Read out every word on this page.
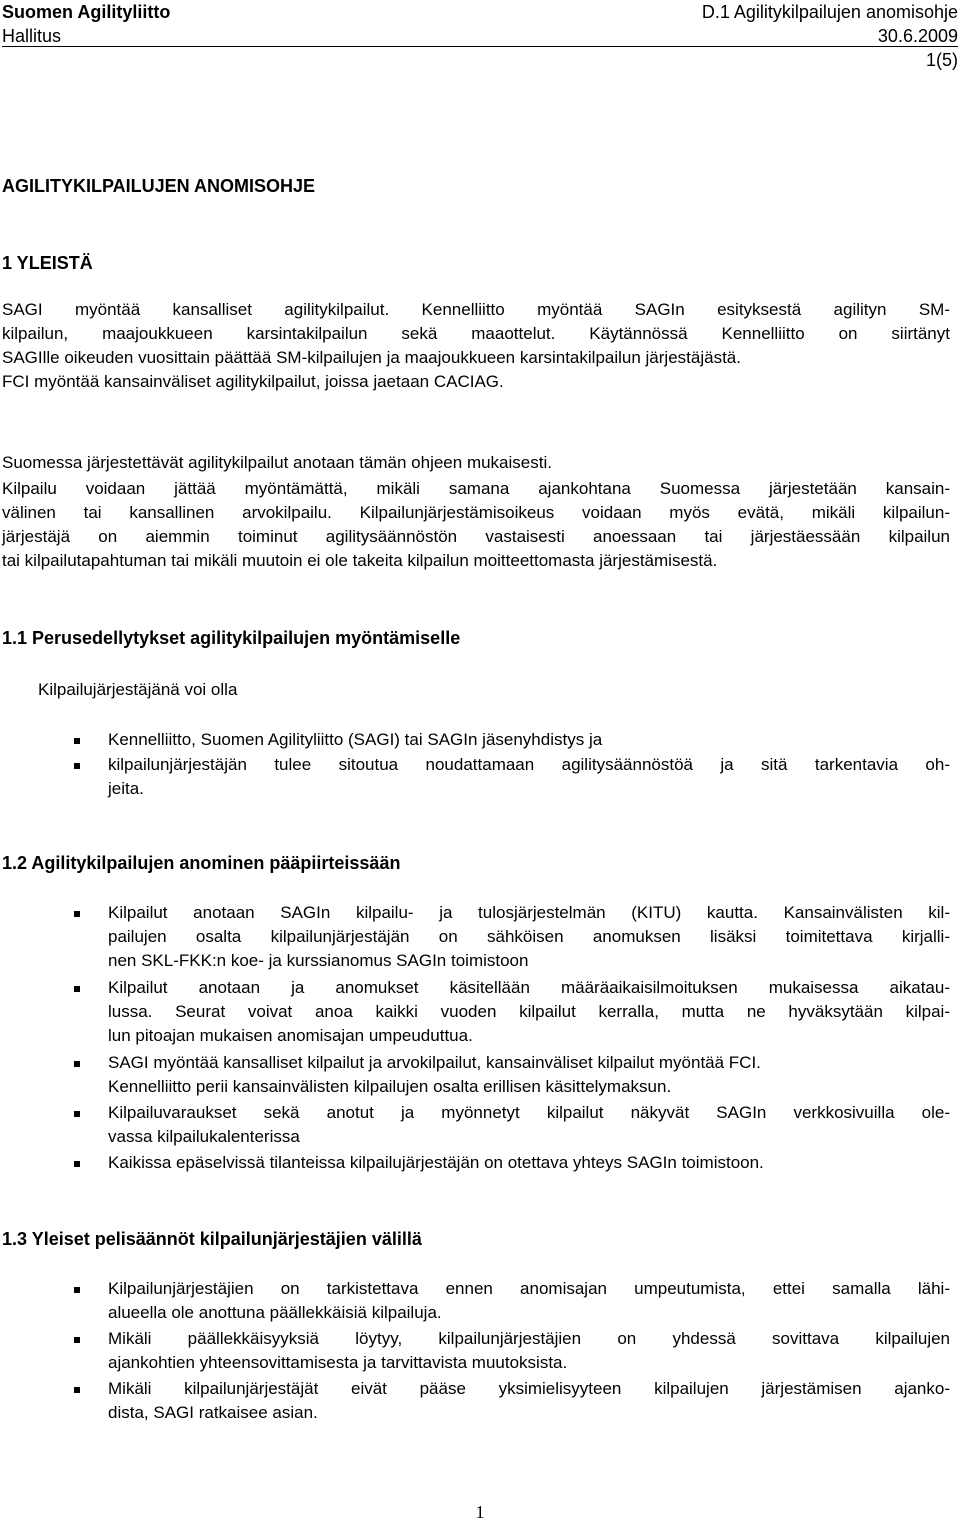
Suomen Agilityliitto	D.1 Agilitykilpailujen anomisohje
Hallitus	30.6.2009
1(5)
AGILITYKILPAILUJEN ANOMISOHJE
1 YLEISTÄ
SAGI myöntää kansalliset agilitykilpailut. Kennelliitto myöntää SAGIn esityksestä agilityn SM-
kilpailun, maajoukkueen karsintakilpailun sekä maaottelut. Käytännössä Kennelliitto on siirtänyt
SAGIlle oikeuden vuosittain päättää SM-kilpailujen ja maajoukkueen karsintakilpailun järjestäjästä.
FCI myöntää kansainväliset agilitykilpailut, joissa jaetaan CACIAG.
Suomessa järjestettävät agilitykilpailut anotaan tämän ohjeen mukaisesti.
Kilpailu voidaan jättää myöntämättä, mikäli samana ajankohtana Suomessa järjestetään kansain-
välinen tai kansallinen arvokilpailu. Kilpailunjärjestämisoikeus voidaan myös evätä, mikäli kilpailun-
järjestäjä on aiemmin toiminut agilitysäännöstön vastaisesti anoessaan tai järjestäessään kilpailun
tai kilpailutapahtuman tai mikäli muutoin ei ole takeita kilpailun moitteettomasta järjestämisestä.
1.1 Perusedellytykset agilitykilpailujen myöntämiselle
Kilpailujärjestäjänä voi olla
Kennelliitto, Suomen Agilityliitto (SAGI) tai SAGIn jäsenyhdistys ja
kilpailunjärjestäjän tulee sitoutua noudattamaan agilitysäännöstöä ja sitä tarkentavia oh-
jeita.
1.2 Agilitykilpailujen anominen pääpiirteissään
Kilpailut anotaan SAGIn kilpailu- ja tulosjärjestelmän (KITU) kautta. Kansainvälisten kil-
pailujen osalta kilpailunjärjestäjän on sähköisen anomuksen lisäksi toimitettava kirjalli-
nen SKL-FKK:n koe- ja kurssianomus SAGIn toimistoon
Kilpailut anotaan ja anomukset käsitellään määräaikaisilmoituksen mukaisessa aikatau-
lussa. Seurat voivat anoa kaikki vuoden kilpailut kerralla, mutta ne hyväksytään kilpai-
lun pitoajan mukaisen anomisajan umpeuduttua.
SAGI myöntää kansalliset kilpailut ja arvokilpailut, kansainväliset kilpailut myöntää FCI.
Kennelliitto perii kansainvälisten kilpailujen osalta erillisen käsittelymaksun.
Kilpailuvaraukset sekä anotut ja myönnetyt kilpailut näkyvät SAGIn verkkosivuilla ole-
vassa kilpailukalenterissa
Kaikissa epäselvissä tilanteissa kilpailujärjestäjän on otettava yhteys SAGIn toimistoon.
1.3 Yleiset pelisäännöt kilpailunjärjestäjien välillä
Kilpailunjärjestäjien on tarkistettava ennen anomisajan umpeutumista, ettei samalla lähi-
alueella ole anottuna päällekkäisiä kilpailuja.
Mikäli päällekkäisyyksiä löytyy, kilpailunjärjestäjien on yhdessä sovittava kilpailujen
ajankohtien yhteensovittamisesta ja tarvittavista muutoksista.
Mikäli kilpailunjärjestäjät eivät pääse yksimielisyyteen kilpailujen järjestämisen ajanko-
dista, SAGI ratkaisee asian.
1
